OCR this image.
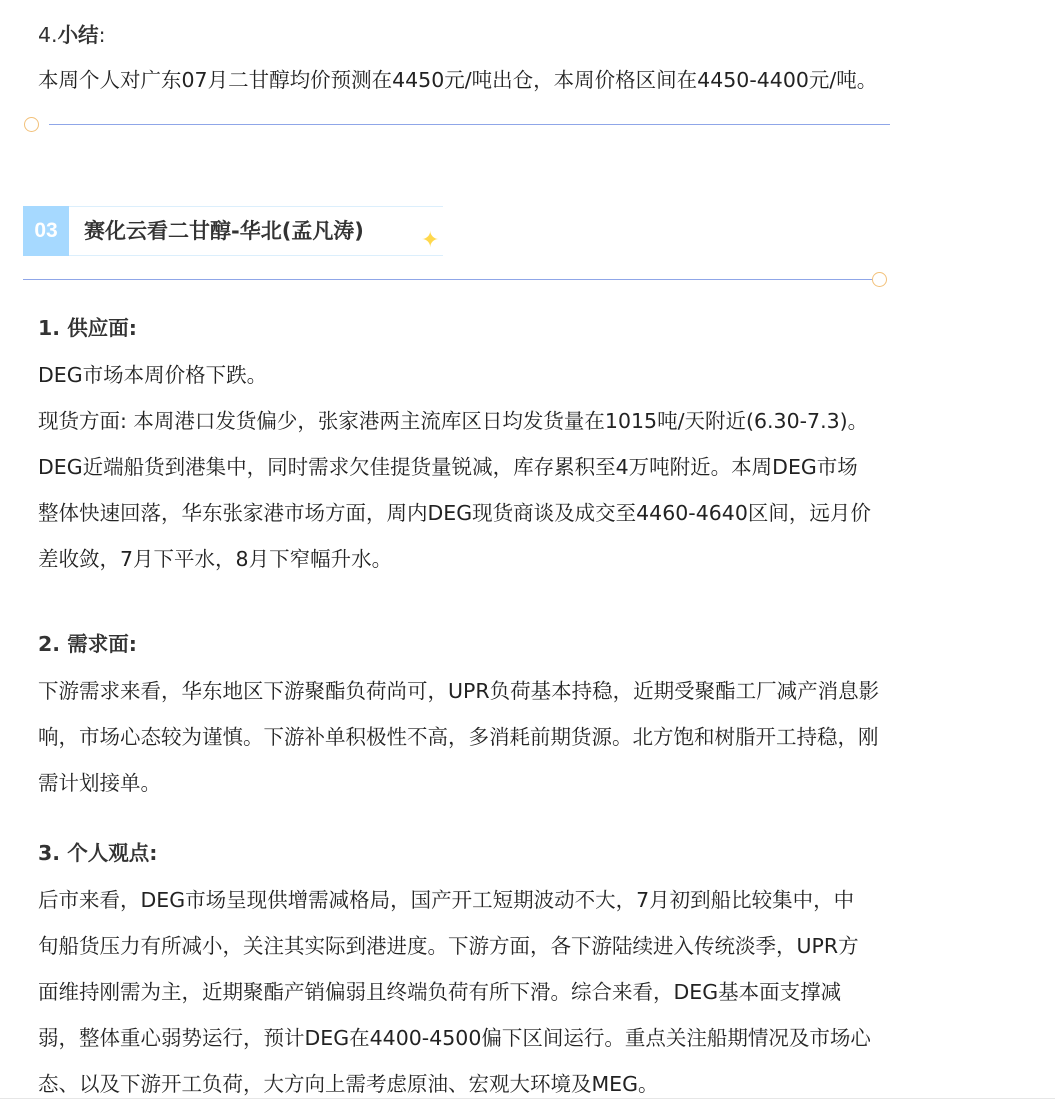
4.小结:
本周个人对广东07月二甘醇均价预测在4450元/吨出仓，本周价格区间在4450-4400元/吨。
03	赛化云看二甘醇-华北(孟凡涛)	✦
1. 供应面:
DEG市场本周价格下跌。
现货方面: 本周港口发货偏少，张家港两主流库区日均发货量在1015吨/天附近(6.30-7.3)。
DEG近端船货到港集中，同时需求欠佳提货量锐减，库存累积至4万吨附近。本周DEG市场
整体快速回落，华东张家港市场方面，周内DEG现货商谈及成交至4460-4640区间，远月价
差收敛，7月下平水，8月下窄幅升水。
2. 需求面:
下游需求来看，华东地区下游聚酯负荷尚可，UPR负荷基本持稳，近期受聚酯工厂减产消息影
响，市场心态较为谨慎。下游补单积极性不高，多消耗前期货源。北方饱和树脂开工持稳，刚
需计划接单。
3. 个人观点:
后市来看，DEG市场呈现供增需减格局，国产开工短期波动不大，7月初到船比较集中，中
旬船货压力有所减小，关注其实际到港进度。下游方面，各下游陆续进入传统淡季，UPR方
面维持刚需为主，近期聚酯产销偏弱且终端负荷有所下滑。综合来看，DEG基本面支撑减
弱，整体重心弱势运行，预计DEG在4400-4500偏下区间运行。重点关注船期情况及市场心
态、以及下游开工负荷，大方向上需考虑原油、宏观大环境及MEG。
